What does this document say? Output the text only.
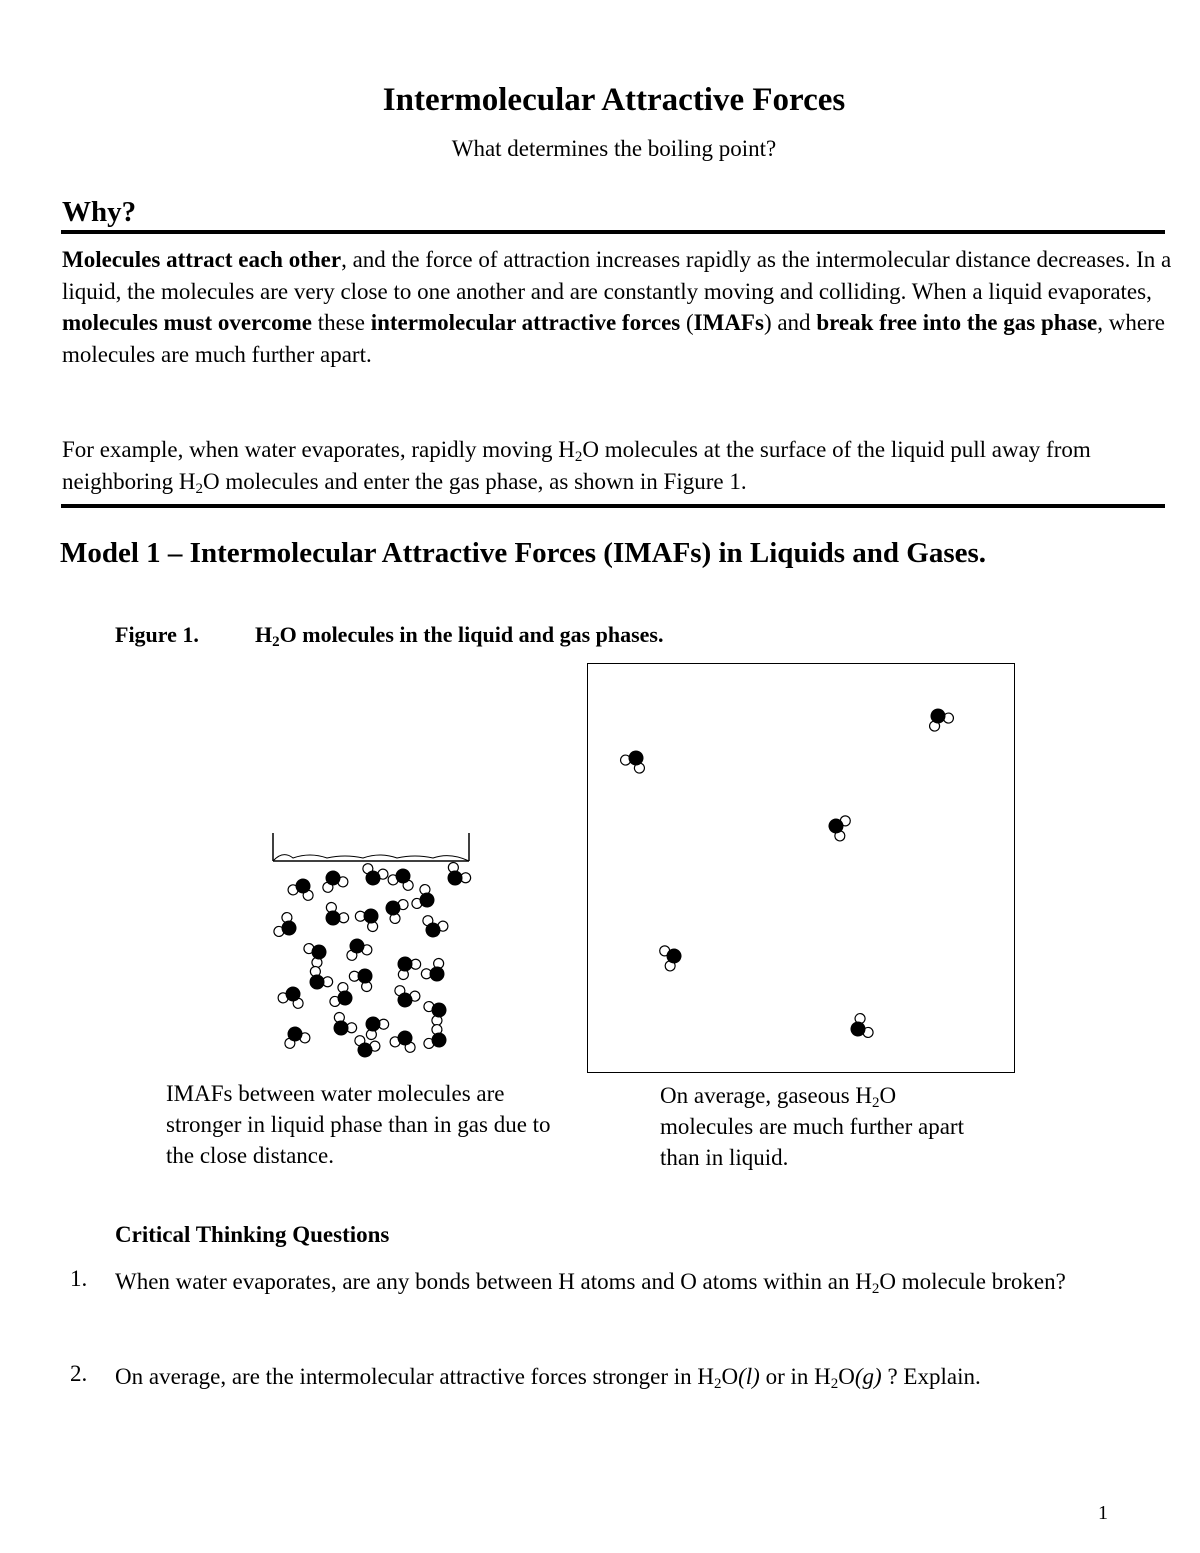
Intermolecular Attractive Forces
What determines the boiling point?
Why?
Molecules attract each other, and the force of attraction increases rapidly as the intermolecular distance decreases. In a liquid, the molecules are very close to one another and are constantly moving and colliding. When a liquid evaporates, molecules must overcome these intermolecular attractive forces (IMAFs) and break free into the gas phase, where molecules are much further apart.
For example, when water evaporates, rapidly moving $H_2O$ molecules at the surface of the liquid pull away from neighboring $H_2O$ molecules and enter the gas phase, as shown in Figure 1.
Model 1 – Intermolecular Attractive Forces (IMAFs) in Liquids and Gases.
Figure 1.	$H_2O$ molecules in the liquid and gas phases.
IMAFs between water molecules are stronger in liquid phase than in gas due to the close distance.
On average, gaseous $H_2O$ molecules are much further apart than in liquid.
Critical Thinking Questions
1. When water evaporates, are any bonds between H atoms and O atoms within an $H_2O$ molecule broken?
2. On average, are the intermolecular attractive forces stronger in $H_2O(l)$ or in $H_2O(g)$ ? Explain.
1
